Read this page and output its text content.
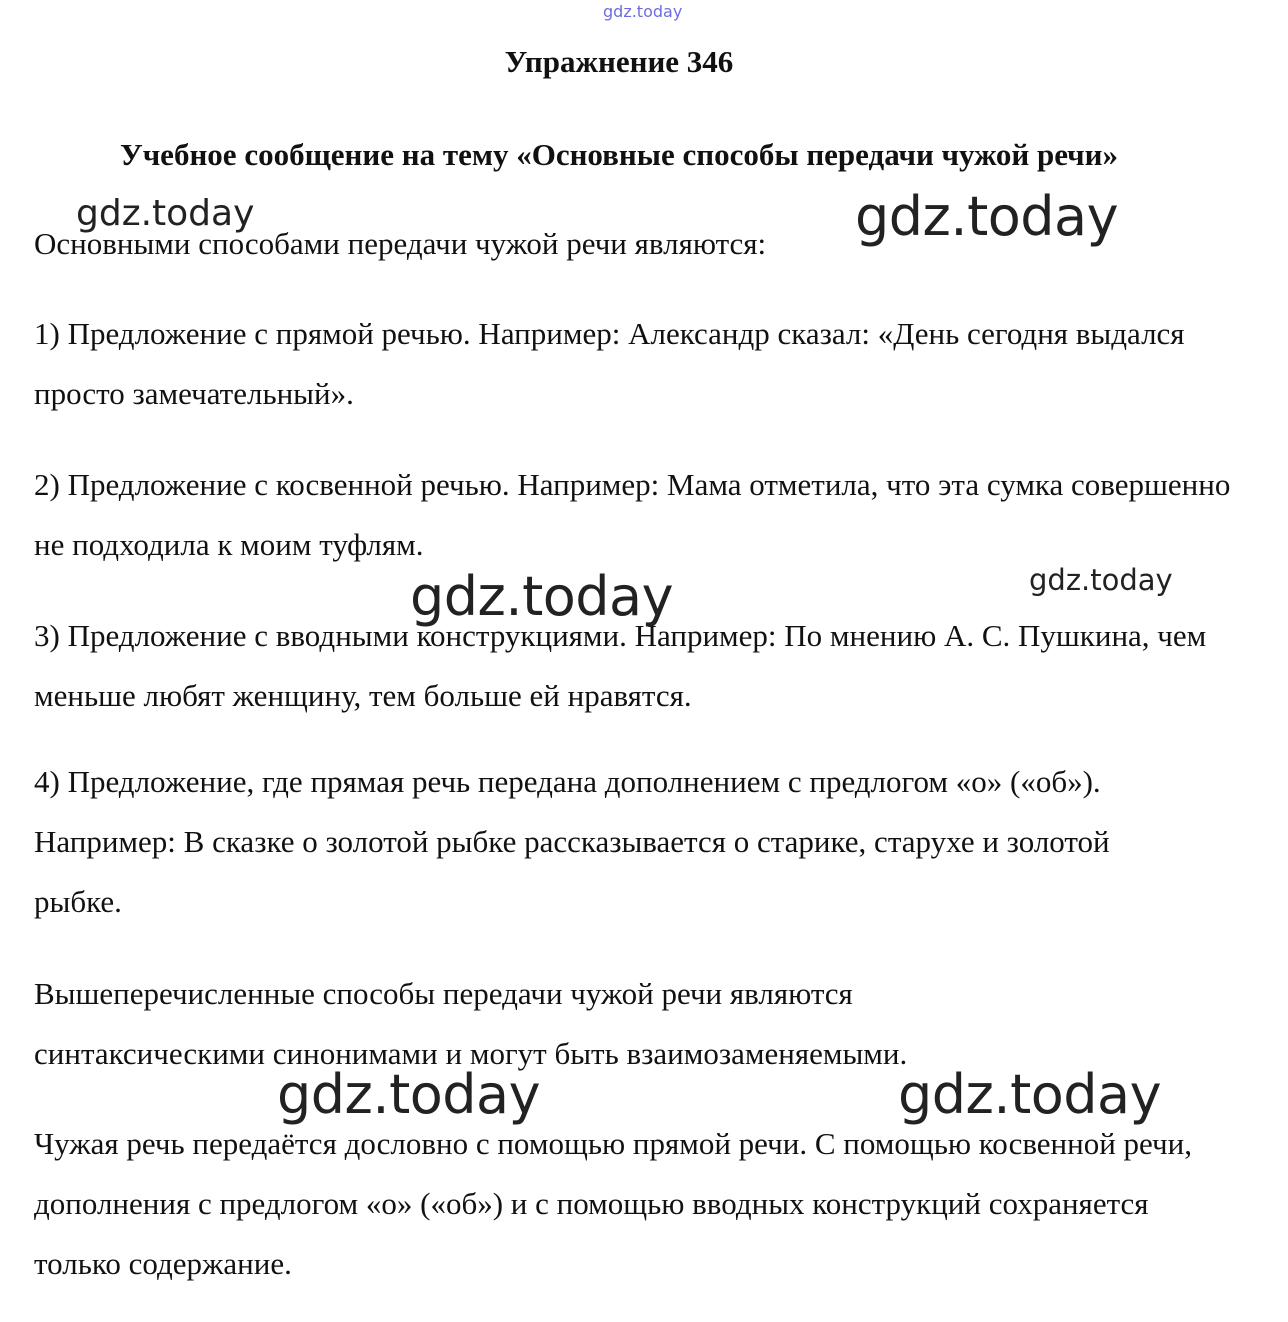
gdz.today
Упражнение 346
Учебное сообщение на тему «Основные способы передачи чужой речи»

Основными способами передачи чужой речи являются:

1) Предложение с прямой речью. Например: Александр сказал: «День сегодня выдался просто замечательный».

2) Предложение с косвенной речью. Например: Мама отметила, что эта сумка совершенно не подходила к моим туфлям.

3) Предложение с вводными конструкциями. Например: По мнению А. С. Пушкина, чем меньше любят женщину, тем больше ей нравятся.

4) Предложение, где прямая речь передана дополнением с предлогом «о» («об»). Например: В сказке о золотой рыбке рассказывается о старике, старухе и золотой рыбке.

Вышеперечисленные способы передачи чужой речи являются синтаксическими синонимами и могут быть взаимозаменяемыми.

Чужая речь передаётся дословно с помощью прямой речи. С помощью косвенной речи, дополнения с предлогом «о» («об») и с помощью вводных конструкций сохраняется только содержание.

gdz.today	gdz.today
gdz.today	gdz.today
gdz.today	gdz.today
